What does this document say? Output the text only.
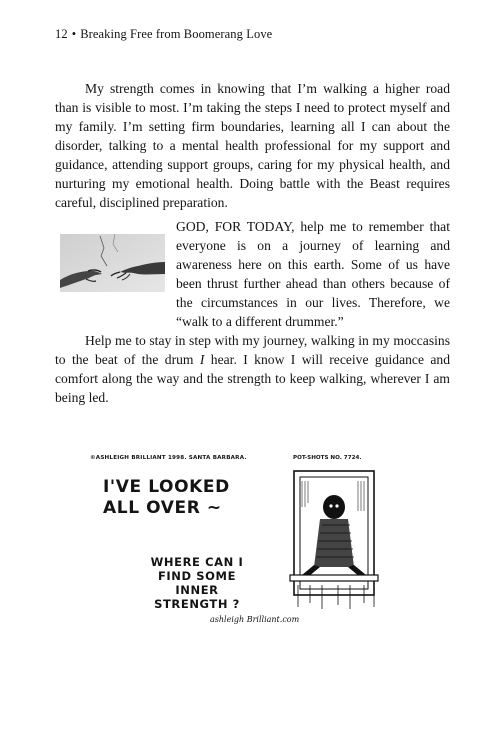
12 • Breaking Free from Boomerang Love

My strength comes in knowing that I’m walking a higher road than is visible to most. I’m taking the steps I need to protect myself and my family. I’m setting firm boundaries, learning all I can about the disorder, talking to a mental health professional for my support and guidance, attending support groups, caring for my physical health, and nurturing my emotional health. Doing battle with the Beast requires careful, disciplined preparation.

GOD, FOR TODAY, help me to remember that everyone is on a journey of learning and awareness here on this earth. Some of us have been thrust further ahead than others because of the circumstances in our lives. Therefore, we “walk to a different drummer.”

Help me to stay in step with my journey, walking in my moccasins to the beat of the drum I hear. I know I will receive guidance and comfort along the way and the strength to keep walking, wherever I am being led.

©ASHLEIGH BRILLIANT 1998. SANTA BARBARA.	POT-SHOTS NO. 7724.
I'VE LOOKED
ALL OVER ~
WHERE CAN I
FIND SOME
INNER
STRENGTH ?
ashleigh Brilliant.com
